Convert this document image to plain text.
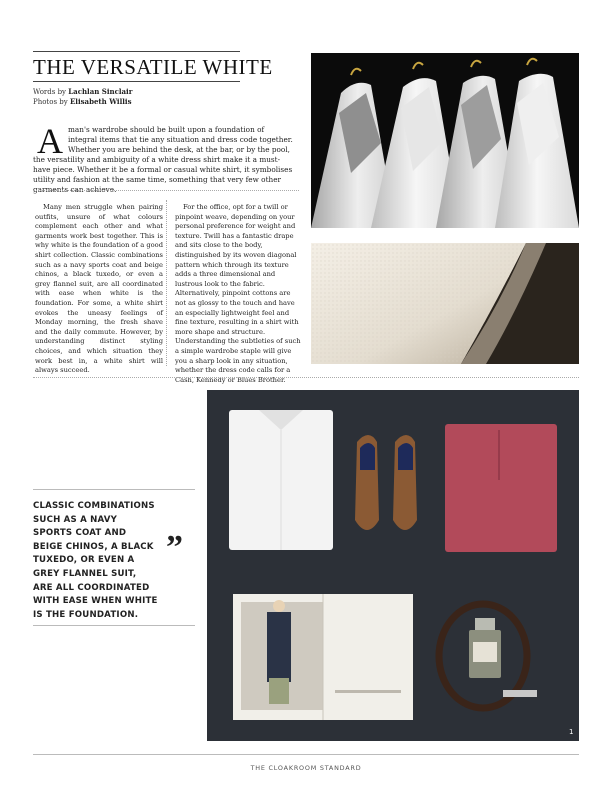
THE VERSATILE WHITE
Words by Lachlan Sinclair
Photos by Elisabeth Willis
Aman's wardrobe should be built upon a foundation of integral items that tie any situation and dress code together. Whether you are behind the desk, at the bar, or by the pool, the versatility and ambiguity of a white dress shirt make it a must-have piece. Whether it be a formal or casual white shirt, it symbolises utility and fashion at the same time, something that very few other garments can achieve.

Many men struggle when pairing outfits, unsure of what colours complement each other and what garments work best together. This is why white is the foundation of a good shirt collection. Classic combinations such as a navy sports coat and beige chinos, a black tuxedo, or even a grey flannel suit, are all coordinated with ease when white is the foundation. For some, a white shirt evokes the uneasy feelings of Monday morning, the fresh shave and the daily commute. However, by understanding distinct styling choices, and which situation they work best in, a white shirt will always succeed.

For the office, opt for a twill or pinpoint weave, depending on your personal preference for weight and texture. Twill has a fantastic drape and sits close to the body, distinguished by its woven diagonal pattern which through its texture adds a three dimensional and lustrous look to the fabric. Alternatively, pinpoint cottons are not as glossy to the touch and have an especially lightweight feel and fine texture, resulting in a shirt with more shape and structure. Understanding the subtleties of such a simple wardrobe staple will give you a sharp look in any situation, whether the dress code calls for a Cash, Kennedy or Blues Brother.

1

CLASSIC COMBINATIONS SUCH AS A NAVY SPORTS COAT AND BEIGE CHINOS, A BLACK TUXEDO, OR EVEN A GREY FLANNEL SUIT, ARE ALL COORDINATED WITH EASE WHEN WHITE IS THE FOUNDATION.

”
THE CLOAKROOM STANDARD
